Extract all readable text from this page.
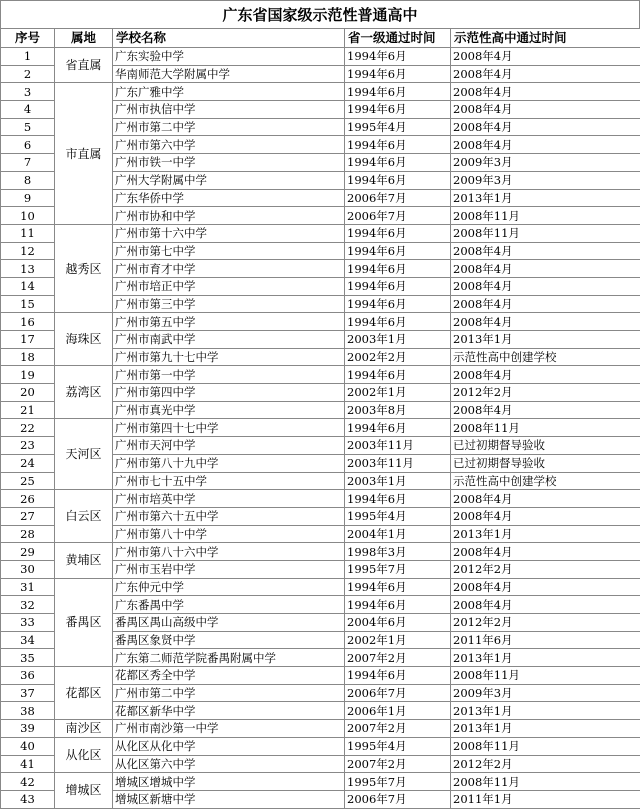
广东省国家级示范性普通高中
序号	属地	学校名称	省一级通过时间	示范性高中通过时间
1	省直属	广东实验中学	1994年6月	2008年4月
2		华南师范大学附属中学	1994年6月	2008年4月
3	市直属	广东广雅中学	1994年6月	2008年4月
4		广州市执信中学	1994年6月	2008年4月
5		广州市第二中学	1995年4月	2008年4月
6		广州市第六中学	1994年6月	2008年4月
7		广州市铁一中学	1994年6月	2009年3月
8		广州大学附属中学	1994年6月	2009年3月
9		广东华侨中学	2006年7月	2013年1月
10		广州市协和中学	2006年7月	2008年11月
11	越秀区	广州市第十六中学	1994年6月	2008年11月
12		广州市第七中学	1994年6月	2008年4月
13		广州市育才中学	1994年6月	2008年4月
14		广州市培正中学	1994年6月	2008年4月
15		广州市第三中学	1994年6月	2008年4月
16	海珠区	广州市第五中学	1994年6月	2008年4月
17		广州市南武中学	2003年1月	2013年1月
18		广州市第九十七中学	2002年2月	示范性高中创建学校
19	荔湾区	广州市第一中学	1994年6月	2008年4月
20		广州市第四中学	2002年1月	2012年2月
21		广州市真光中学	2003年8月	2008年4月
22	天河区	广州市第四十七中学	1994年6月	2008年11月
23		广州市天河中学	2003年11月	已过初期督导验收
24		广州市第八十九中学	2003年11月	已过初期督导验收
25		广州市七十五中学	2003年1月	示范性高中创建学校
26	白云区	广州市培英中学	1994年6月	2008年4月
27		广州市第六十五中学	1995年4月	2008年4月
28		广州市第八十中学	2004年1月	2013年1月
29	黄埔区	广州市第八十六中学	1998年3月	2008年4月
30		广州市玉岩中学	1995年7月	2012年2月
31	番禺区	广东仲元中学	1994年6月	2008年4月
32		广东番禺中学	1994年6月	2008年4月
33		番禺区禺山高级中学	2004年6月	2012年2月
34		番禺区象贤中学	2002年1月	2011年6月
35		广东第二师范学院番禺附属中学	2007年2月	2013年1月
36	花都区	花都区秀全中学	1994年6月	2008年11月
37		广州市第二中学	2006年7月	2009年3月
38		花都区新华中学	2006年1月	2013年1月
39	南沙区	广州市南沙第一中学	2007年2月	2013年1月
40	从化区	从化区从化中学	1995年4月	2008年11月
41		从化区第六中学	2007年2月	2012年2月
42	增城区	增城区增城中学	1995年7月	2008年11月
43		增城区新塘中学	2006年7月	2011年1月
